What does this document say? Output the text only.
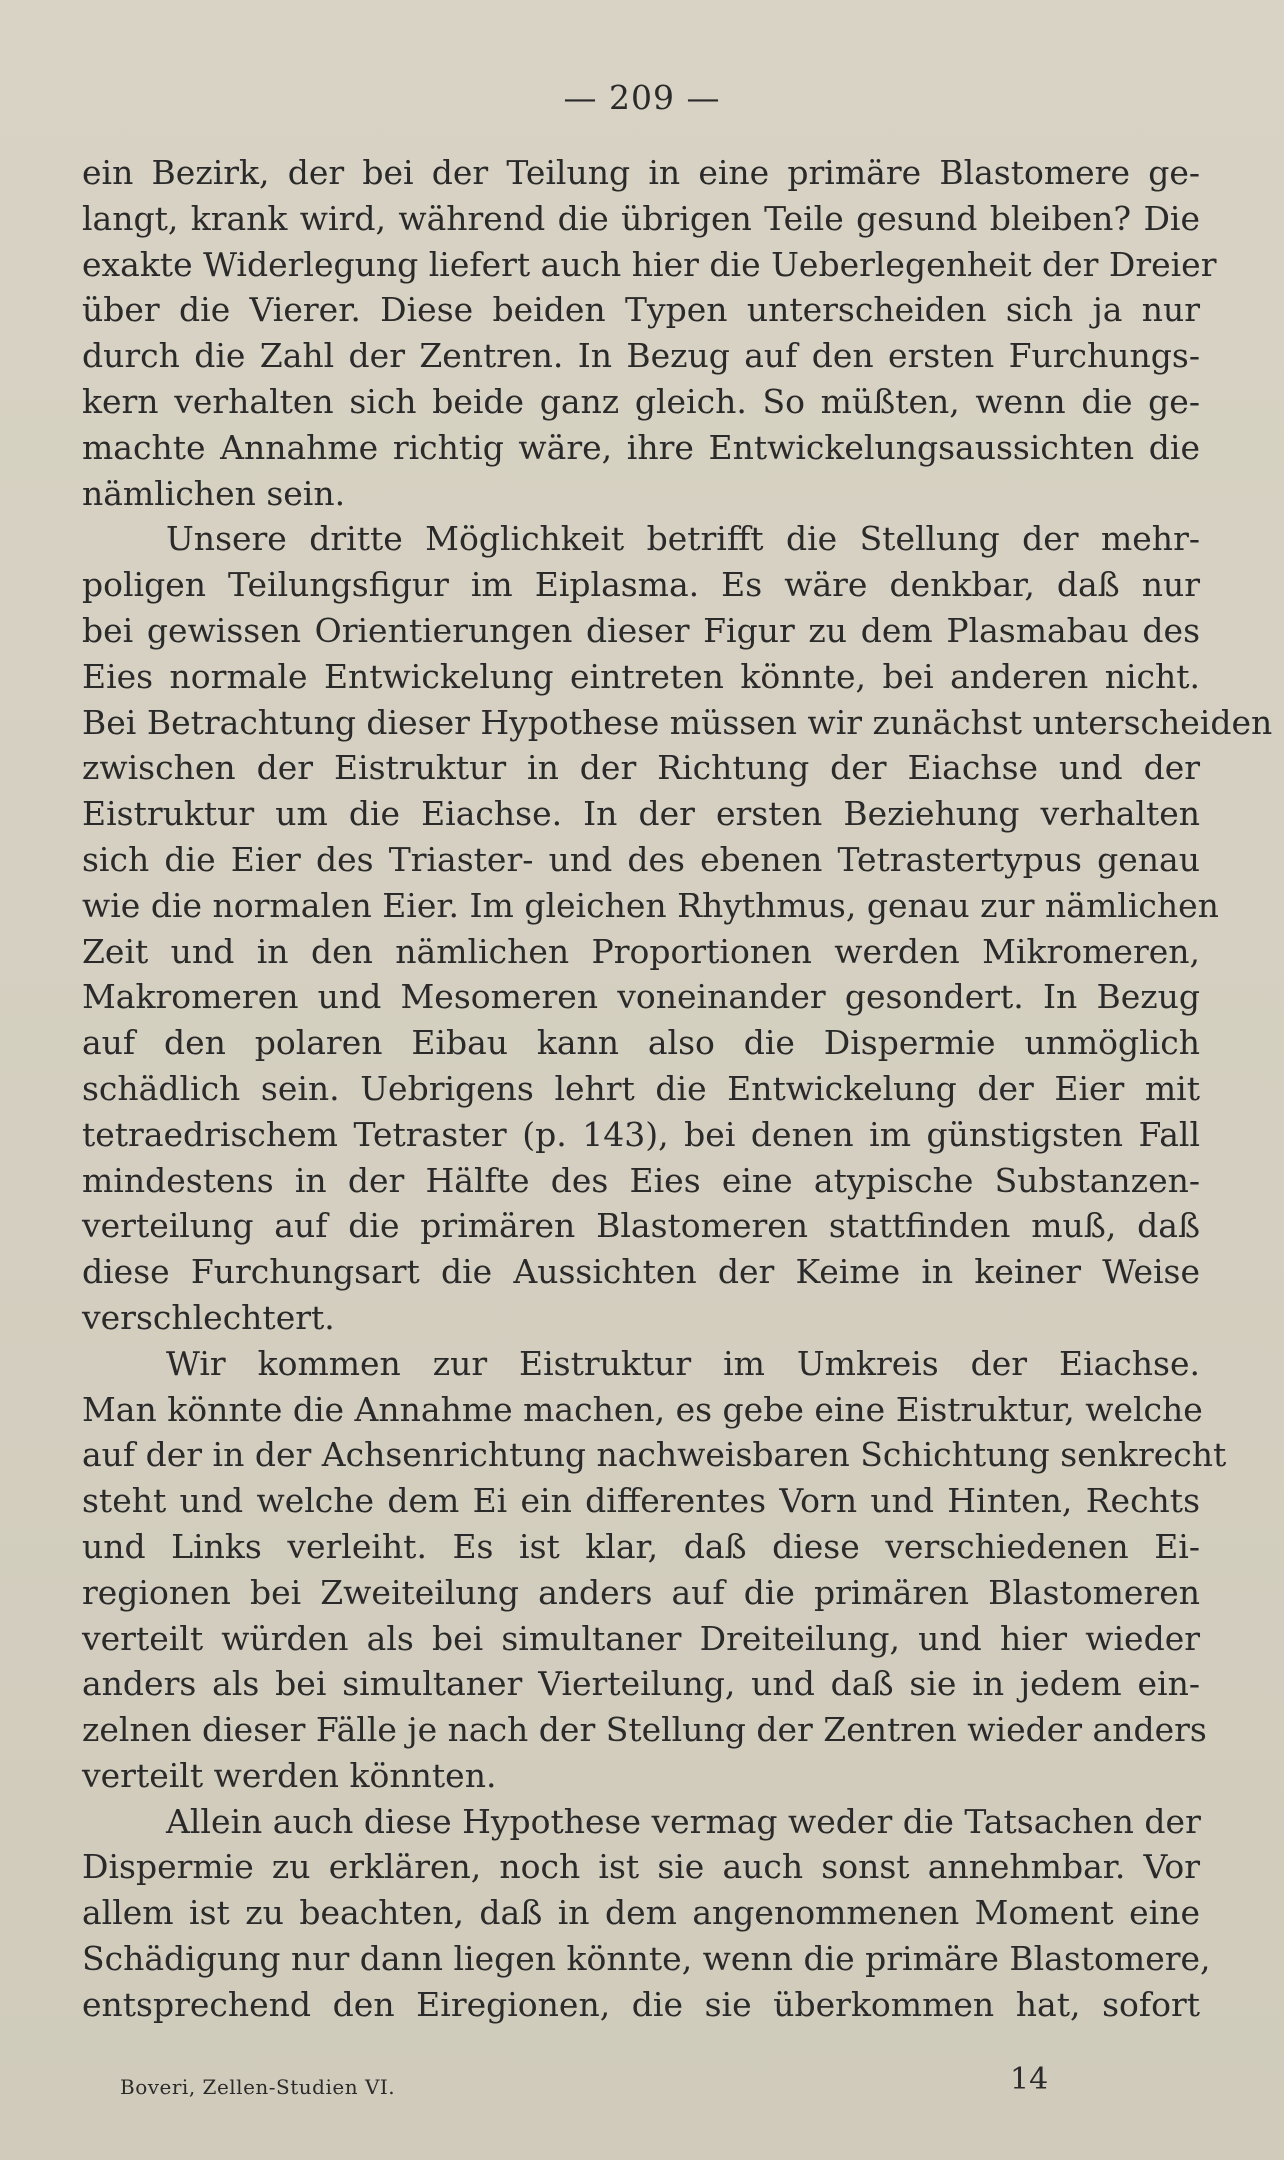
— 209 —
ein Bezirk, der bei der Teilung in eine primäre Blastomere ge-
langt, krank wird, während die übrigen Teile gesund bleiben? Die
exakte Widerlegung liefert auch hier die Ueberlegenheit der Dreier
über die Vierer. Diese beiden Typen unterscheiden sich ja nur
durch die Zahl der Zentren. In Bezug auf den ersten Furchungs-
kern verhalten sich beide ganz gleich. So müßten, wenn die ge-
machte Annahme richtig wäre, ihre Entwickelungsaussichten die
nämlichen sein.
Unsere dritte Möglichkeit betrifft die Stellung der mehr-
poligen Teilungsfigur im Eiplasma. Es wäre denkbar, daß nur
bei gewissen Orientierungen dieser Figur zu dem Plasmabau des
Eies normale Entwickelung eintreten könnte, bei anderen nicht.
Bei Betrachtung dieser Hypothese müssen wir zunächst unterscheiden
zwischen der Eistruktur in der Richtung der Eiachse und der
Eistruktur um die Eiachse. In der ersten Beziehung verhalten
sich die Eier des Triaster- und des ebenen Tetrastertypus genau
wie die normalen Eier. Im gleichen Rhythmus, genau zur nämlichen
Zeit und in den nämlichen Proportionen werden Mikromeren,
Makromeren und Mesomeren voneinander gesondert. In Bezug
auf den polaren Eibau kann also die Dispermie unmöglich
schädlich sein. Uebrigens lehrt die Entwickelung der Eier mit
tetraedrischem Tetraster (p. 143), bei denen im günstigsten Fall
mindestens in der Hälfte des Eies eine atypische Substanzen-
verteilung auf die primären Blastomeren stattfinden muß, daß
diese Furchungsart die Aussichten der Keime in keiner Weise
verschlechtert.
Wir kommen zur Eistruktur im Umkreis der Eiachse.
Man könnte die Annahme machen, es gebe eine Eistruktur, welche
auf der in der Achsenrichtung nachweisbaren Schichtung senkrecht
steht und welche dem Ei ein differentes Vorn und Hinten, Rechts
und Links verleiht. Es ist klar, daß diese verschiedenen Ei-
regionen bei Zweiteilung anders auf die primären Blastomeren
verteilt würden als bei simultaner Dreiteilung, und hier wieder
anders als bei simultaner Vierteilung, und daß sie in jedem ein-
zelnen dieser Fälle je nach der Stellung der Zentren wieder anders
verteilt werden könnten.
Allein auch diese Hypothese vermag weder die Tatsachen der
Dispermie zu erklären, noch ist sie auch sonst annehmbar. Vor
allem ist zu beachten, daß in dem angenommenen Moment eine
Schädigung nur dann liegen könnte, wenn die primäre Blastomere,
entsprechend den Eiregionen, die sie überkommen hat, sofort
Boveri, Zellen-Studien VI.	14
